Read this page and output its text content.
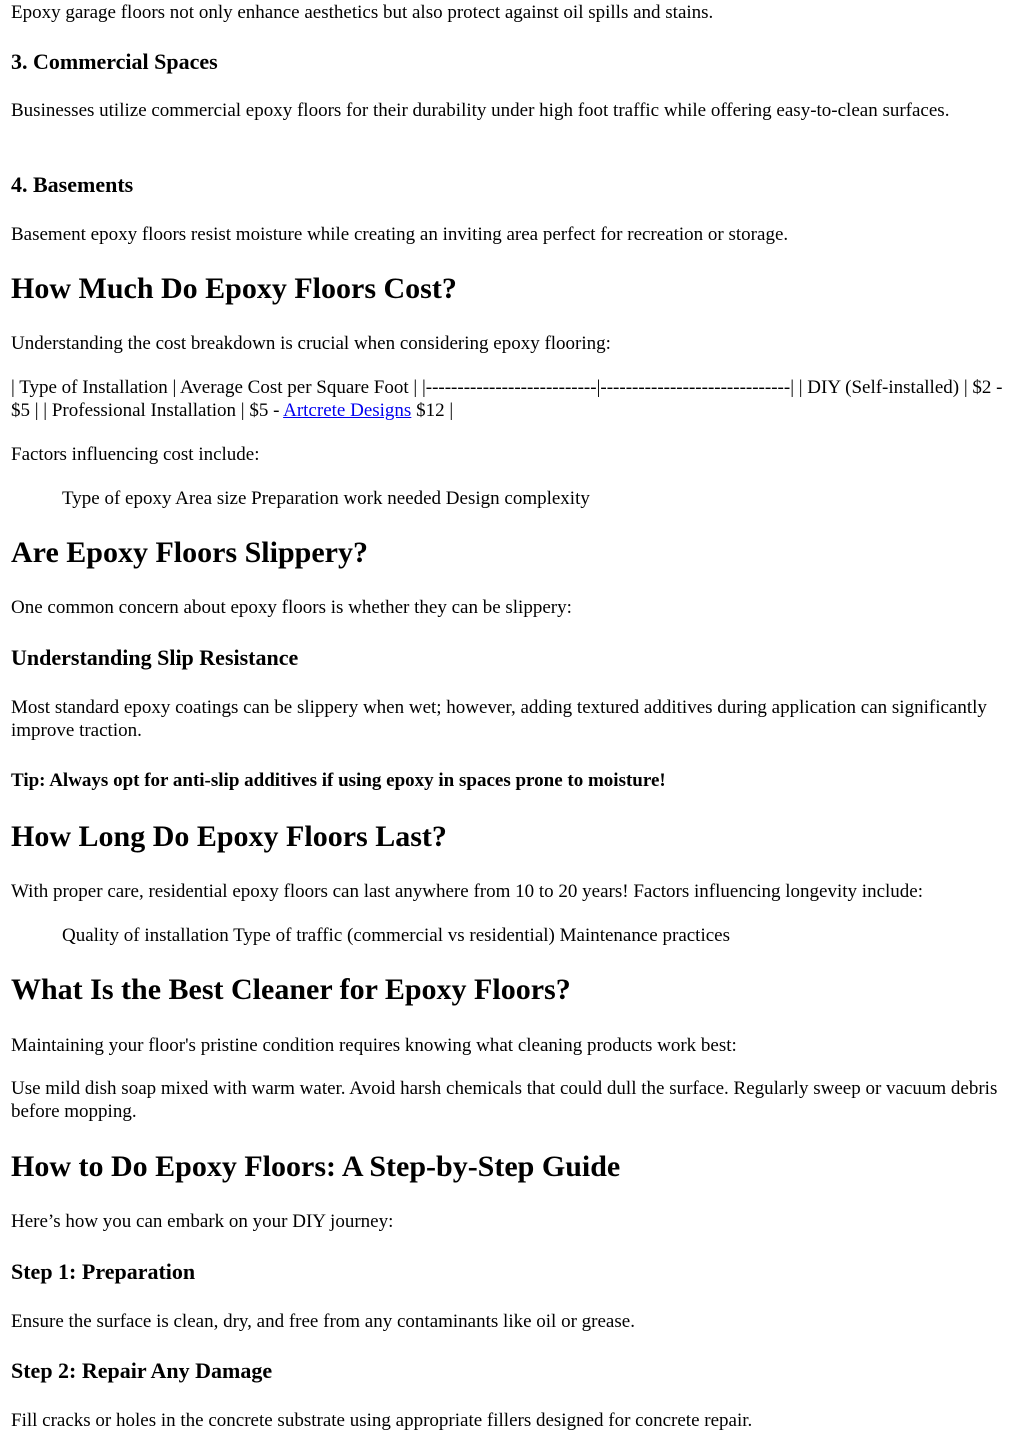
Epoxy garage floors not only enhance aesthetics but also protect against oil spills and stains.

3. Commercial Spaces

Businesses utilize commercial epoxy floors for their durability under high foot traffic while offering easy-to-clean surfaces.

4. Basements

Basement epoxy floors resist moisture while creating an inviting area perfect for recreation or storage.

How Much Do Epoxy Floors Cost?

Understanding the cost breakdown is crucial when considering epoxy flooring:

| Type of Installation | Average Cost per Square Foot | |---------------------------|------------------------------| | DIY (Self-installed) | $2 - $5 | | Professional Installation | $5 - Artcrete Designs $12 |

Factors influencing cost include:

Type of epoxy Area size Preparation work needed Design complexity

Are Epoxy Floors Slippery?

One common concern about epoxy floors is whether they can be slippery:

Understanding Slip Resistance

Most standard epoxy coatings can be slippery when wet; however, adding textured additives during application can significantly improve traction.

Tip: Always opt for anti-slip additives if using epoxy in spaces prone to moisture!

How Long Do Epoxy Floors Last?

With proper care, residential epoxy floors can last anywhere from 10 to 20 years! Factors influencing longevity include:

Quality of installation Type of traffic (commercial vs residential) Maintenance practices

What Is the Best Cleaner for Epoxy Floors?

Maintaining your floor's pristine condition requires knowing what cleaning products work best:

Use mild dish soap mixed with warm water. Avoid harsh chemicals that could dull the surface. Regularly sweep or vacuum debris before mopping.

How to Do Epoxy Floors: A Step-by-Step Guide

Here’s how you can embark on your DIY journey:

Step 1: Preparation

Ensure the surface is clean, dry, and free from any contaminants like oil or grease.

Step 2: Repair Any Damage

Fill cracks or holes in the concrete substrate using appropriate fillers designed for concrete repair.
